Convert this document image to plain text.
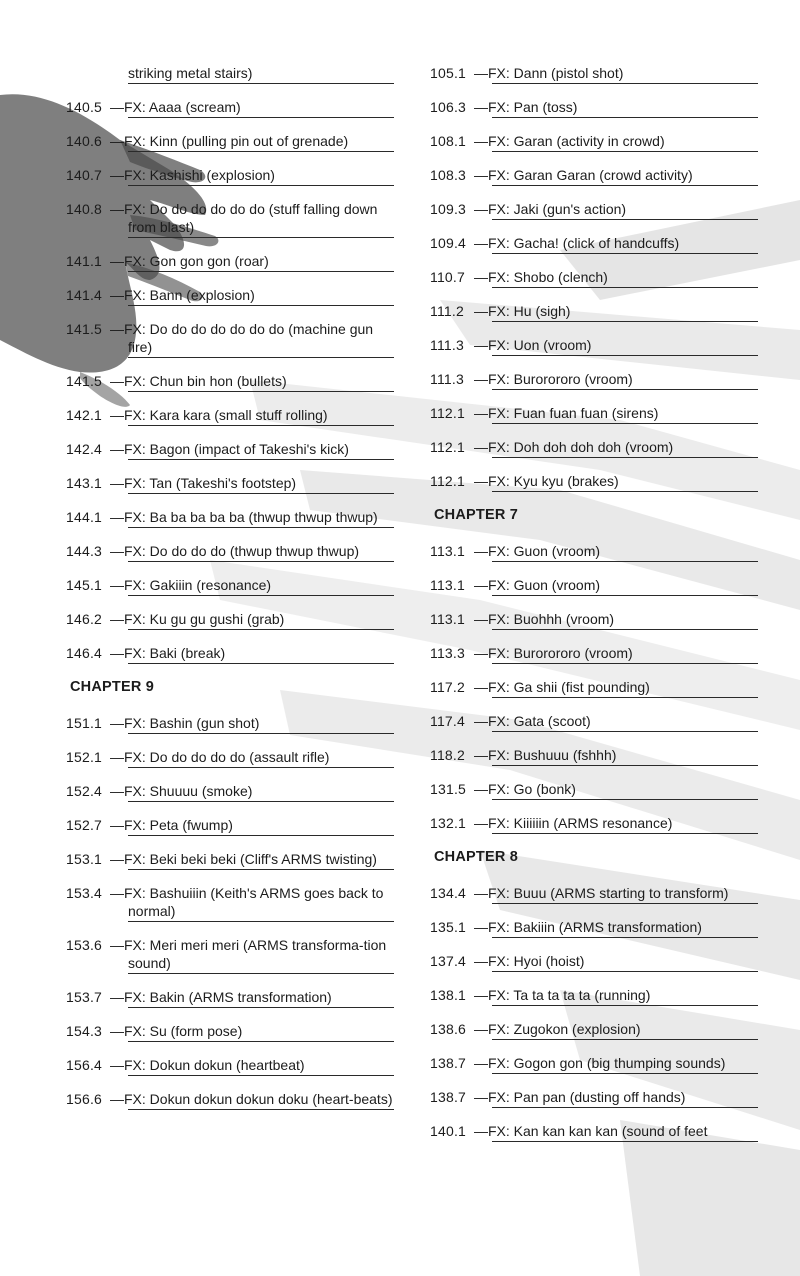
striking metal stairs)
140.5 —FX: Aaaa (scream)
140.6 —FX: Kinn (pulling pin out of grenade)
140.7 —FX: Kashishi (explosion)
140.8 —FX: Do do do do do do (stuff falling down from blast)
141.1 —FX: Gon gon gon (roar)
141.4 —FX: Bann (explosion)
141.5 —FX: Do do do do do do do (machine gun fire)
141.5 —FX: Chun bin hon (bullets)
142.1 —FX: Kara kara (small stuff rolling)
142.4 —FX: Bagon (impact of Takeshi's kick)
143.1 —FX: Tan (Takeshi's footstep)
144.1 —FX: Ba ba ba ba ba (thwup thwup thwup)
144.3 —FX: Do do do do (thwup thwup thwup)
145.1 —FX: Gakiiin (resonance)
146.2 —FX: Ku gu gu gushi (grab)
146.4 —FX: Baki (break)
CHAPTER 9
151.1 —FX: Bashin (gun shot)
152.1 —FX: Do do do do do (assault rifle)
152.4 —FX: Shuuuu (smoke)
152.7 —FX: Peta (fwump)
153.1 —FX: Beki beki beki (Cliff's ARMS twisting)
153.4 —FX: Bashuiiin (Keith's ARMS goes back to normal)
153.6 —FX: Meri meri meri (ARMS transforma-tion sound)
153.7 —FX: Bakin (ARMS transformation)
154.3 —FX: Su (form pose)
156.4 —FX: Dokun dokun (heartbeat)
156.6 —FX: Dokun dokun dokun doku (heart-beats)
105.1 —FX: Dann (pistol shot)
106.3 —FX: Pan (toss)
108.1 —FX: Garan (activity in crowd)
108.3 —FX: Garan Garan (crowd activity)
109.3 —FX: Jaki (gun's action)
109.4 —FX: Gacha! (click of handcuffs)
110.7 —FX: Shobo (clench)
111.2 —FX: Hu (sigh)
111.3 —FX: Uon (vroom)
111.3 —FX: Burorororo (vroom)
112.1 —FX: Fuan fuan fuan (sirens)
112.1 —FX: Doh doh doh doh (vroom)
112.1 —FX: Kyu kyu (brakes)
CHAPTER 7
113.1 —FX: Guon (vroom)
113.1 —FX: Guon (vroom)
113.1 —FX: Buohhh (vroom)
113.3 —FX: Burorororo (vroom)
117.2 —FX: Ga shii (fist pounding)
117.4 —FX: Gata (scoot)
118.2 —FX: Bushuuu (fshhh)
131.5 —FX: Go (bonk)
132.1 —FX: Kiiiiiin (ARMS resonance)
CHAPTER 8
134.4 —FX: Buuu (ARMS starting to transform)
135.1 —FX: Bakiiin (ARMS transformation)
137.4 —FX: Hyoi (hoist)
138.1 —FX: Ta ta ta ta ta (running)
138.6 —FX: Zugokon (explosion)
138.7 —FX: Gogon gon (big thumping sounds)
138.7 —FX: Pan pan (dusting off hands)
140.1 —FX: Kan kan kan kan (sound of feet
